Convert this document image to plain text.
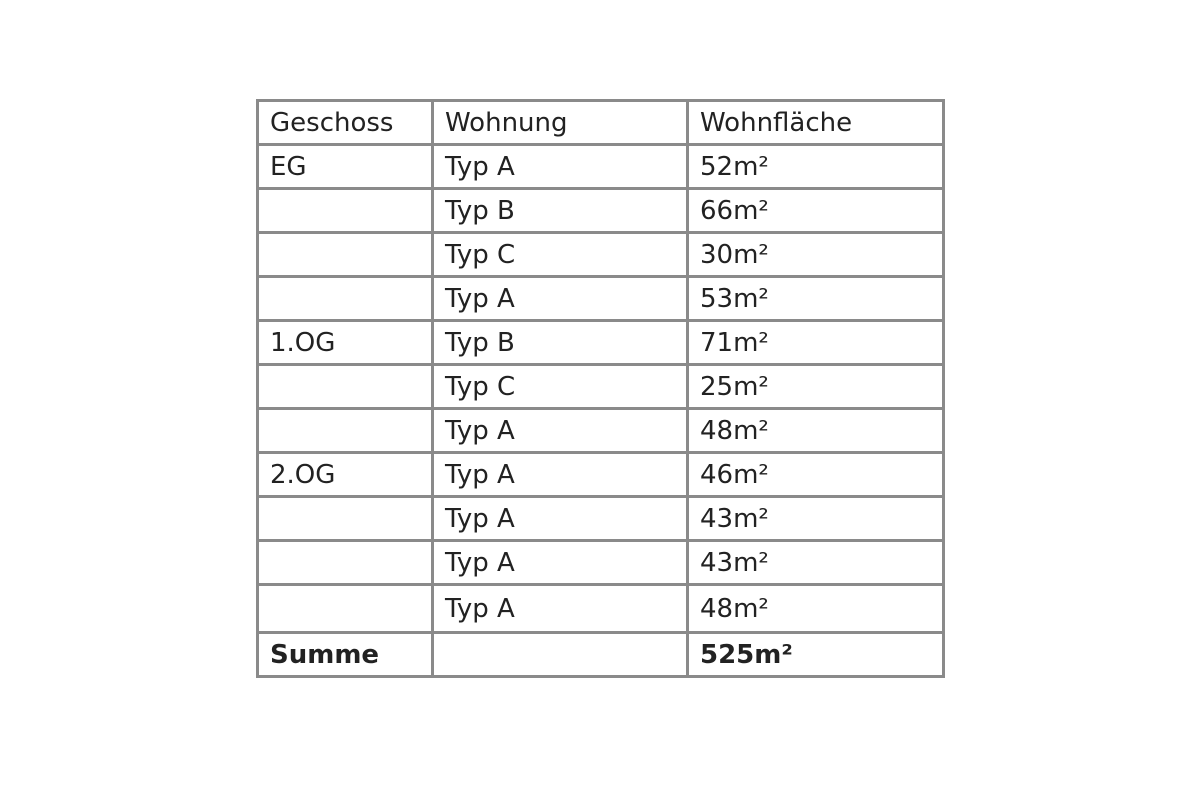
Geschoss	Wohnung	Wohnfläche
EG	Typ A	52m²
	Typ B	66m²
	Typ C	30m²
	Typ A	53m²
1.OG	Typ B	71m²
	Typ C	25m²
	Typ A	48m²
2.OG	Typ A	46m²
	Typ A	43m²
	Typ A	43m²
	Typ A	48m²
Summe		525m²
